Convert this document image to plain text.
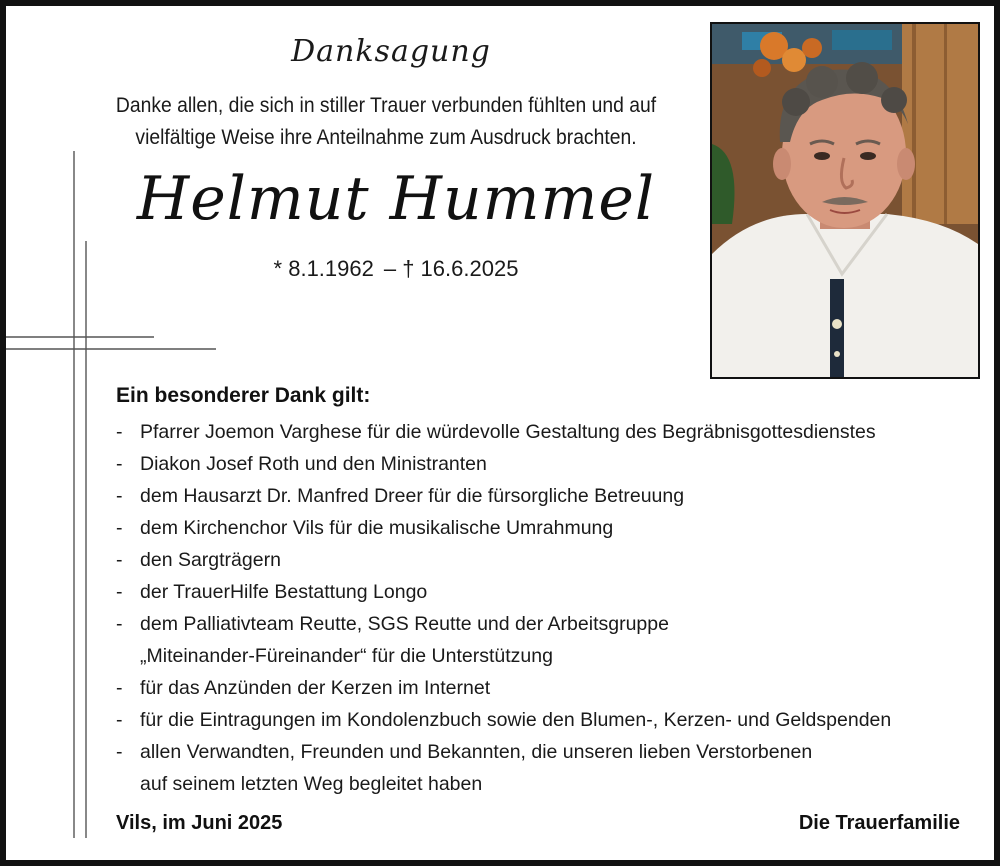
Danksagung
Danke allen, die sich in stiller Trauer verbunden fühlten und auf
vielfältige Weise ihre Anteilnahme zum Ausdruck brachten.
Helmut Hummel
* 8.1.1962 – † 16.6.2025
Ein besonderer Dank gilt:
- Pfarrer Joemon Varghese für die würdevolle Gestaltung des Begräbnisgottesdienstes
- Diakon Josef Roth und den Ministranten
- dem Hausarzt Dr. Manfred Dreer für die fürsorgliche Betreuung
- dem Kirchenchor Vils für die musikalische Umrahmung
- den Sargträgern
- der TrauerHilfe Bestattung Longo
- dem Palliativteam Reutte, SGS Reutte und der Arbeitsgruppe
„Miteinander-Füreinander“ für die Unterstützung
- für das Anzünden der Kerzen im Internet
- für die Eintragungen im Kondolenzbuch sowie den Blumen-, Kerzen- und Geldspenden
- allen Verwandten, Freunden und Bekannten, die unseren lieben Verstorbenen
auf seinem letzten Weg begleitet haben
Vils, im Juni 2025	Die Trauerfamilie
